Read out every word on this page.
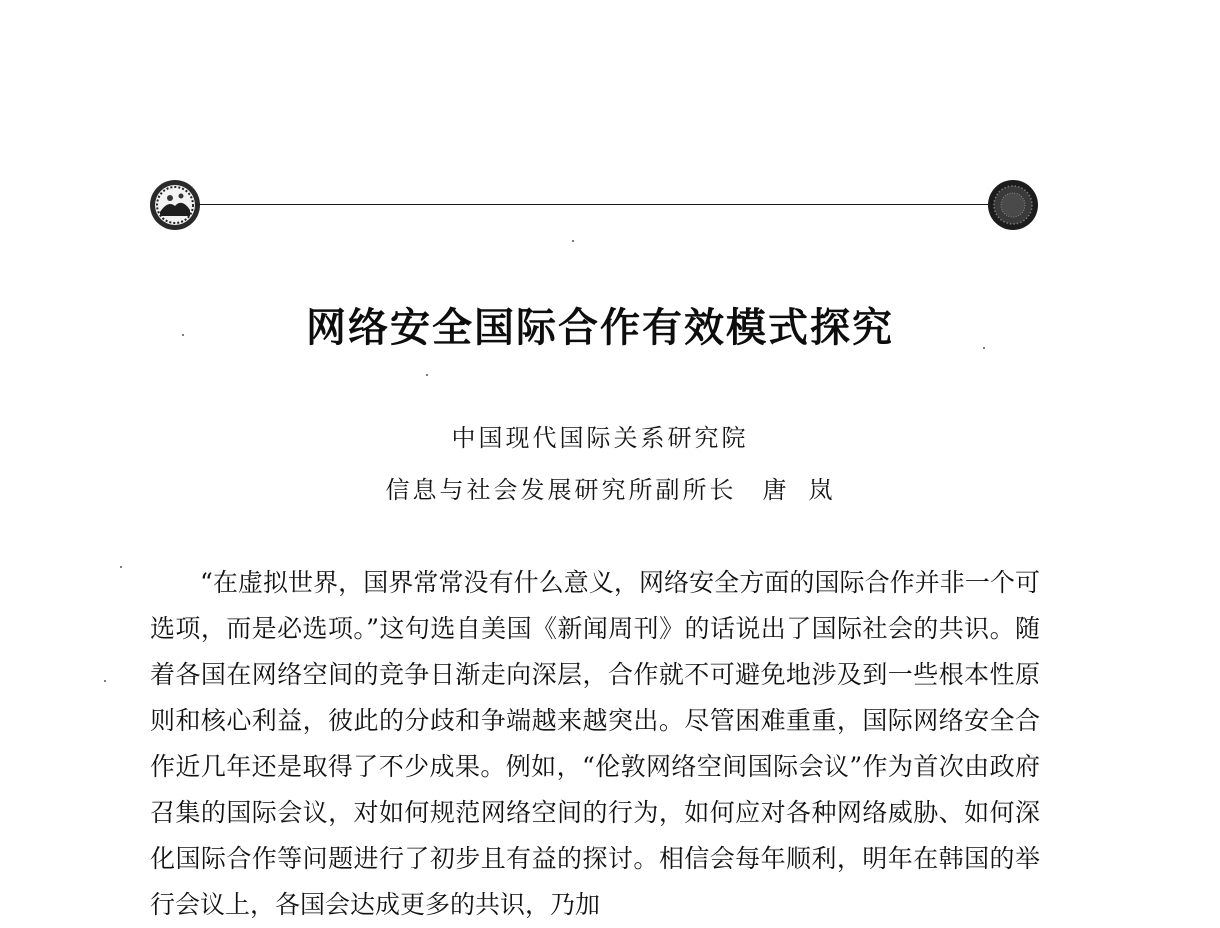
网络安全国际合作有效模式探究

中国现代国际关系研究院

信息与社会发展研究所副所长 唐岚

“在虚拟世界，国界常常没有什么意义，网络安全方面的国际合作并非一个可选项，而是必选项。”这句选自美国《新闻周刊》的话说出了国际社会的共识。随着各国在网络空间的竞争日渐走向深层，合作就不可避免地涉及到一些根本性原则和核心利益，彼此的分歧和争端越来越突出。尽管困难重重，国际网络安全合作近几年还是取得了不少成果。例如，“伦敦网络空间国际会议”作为首次由政府召集的国际会议，对如何规范网络空间的行为，如何应对各种网络威胁、如何深化国际合作等问题进行了初步且有益的探讨。相信会每年顺利，明年在韩国的举行会议上，各国会达成更多的共识，乃加
